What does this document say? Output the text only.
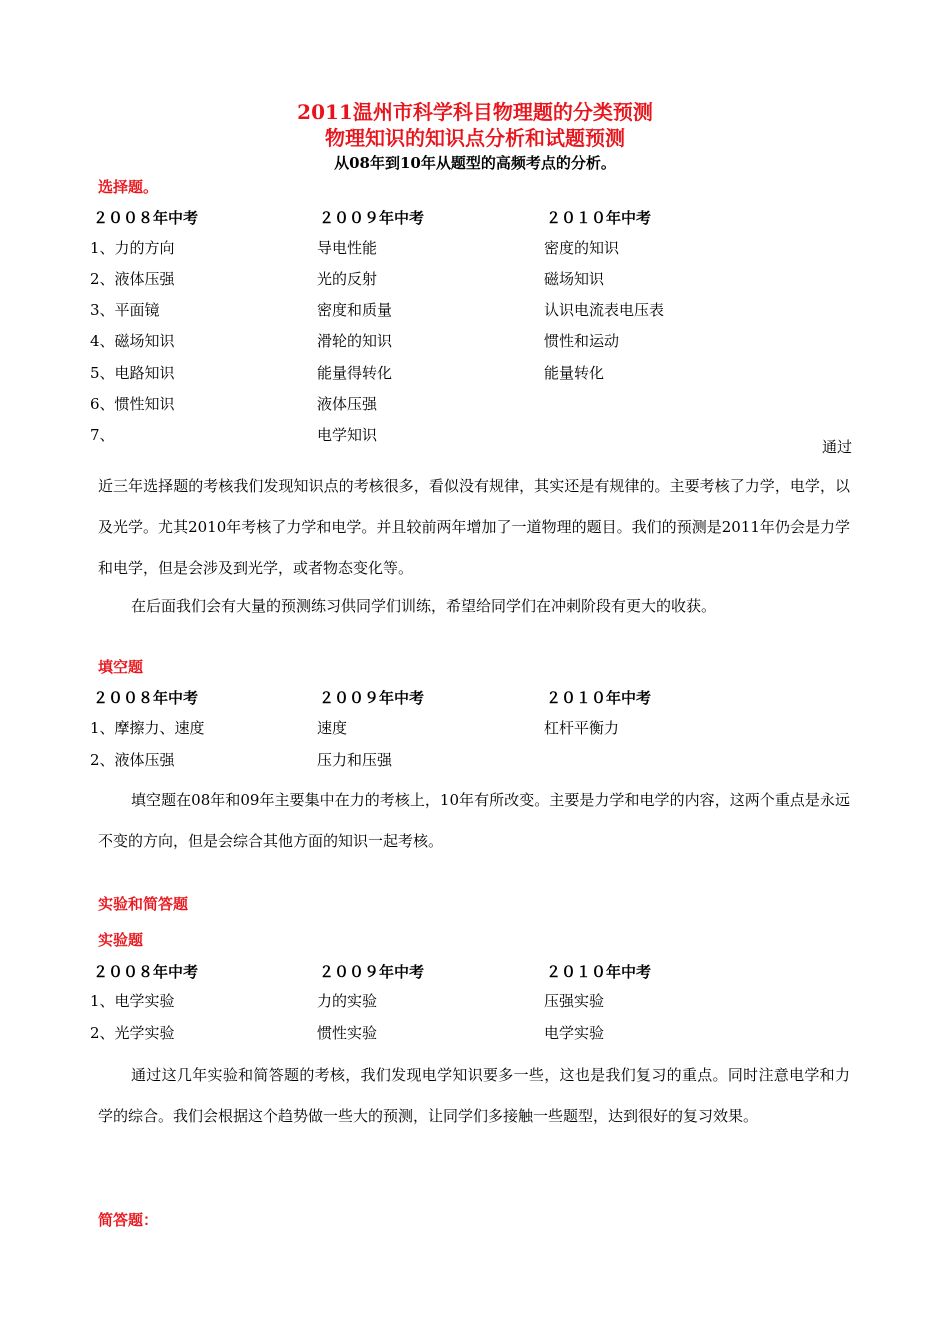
2011温州市科学科目物理题的分类预测
物理知识的知识点分析和试题预测
从08年到10年从题型的高频考点的分析。
选择题。
２００８年中考	２００９年中考	２０１０年中考
1、力的方向	导电性能	密度的知识
2、液体压强	光的反射	磁场知识
3、平面镜	密度和质量	认识电流表电压表
4、磁场知识	滑轮的知识	惯性和运动
5、电路知识	能量得转化	能量转化
6、惯性知识	液体压强
7、	电学知识
通过
近三年选择题的考核我们发现知识点的考核很多，看似没有规律，其实还是有规律的。主要考核了力学，电学，以及光学。尤其2010年考核了力学和电学。并且较前两年增加了一道物理的题目。我们的预测是2011年仍会是力学和电学，但是会涉及到光学，或者物态变化等。
在后面我们会有大量的预测练习供同学们训练，希望给同学们在冲刺阶段有更大的收获。
填空题
２００８年中考	２００９年中考	２０１０年中考
1、摩擦力、速度	速度	杠杆平衡力
2、液体压强	压力和压强
填空题在08年和09年主要集中在力的考核上，10年有所改变。主要是力学和电学的内容，这两个重点是永远不变的方向，但是会综合其他方面的知识一起考核。
实验和简答题
实验题
２００８年中考	２００９年中考	２０１０年中考
1、电学实验	力的实验	压强实验
2、光学实验	惯性实验	电学实验
通过这几年实验和简答题的考核，我们发现电学知识要多一些，这也是我们复习的重点。同时注意电学和力学的综合。我们会根据这个趋势做一些大的预测，让同学们多接触一些题型，达到很好的复习效果。
简答题：
